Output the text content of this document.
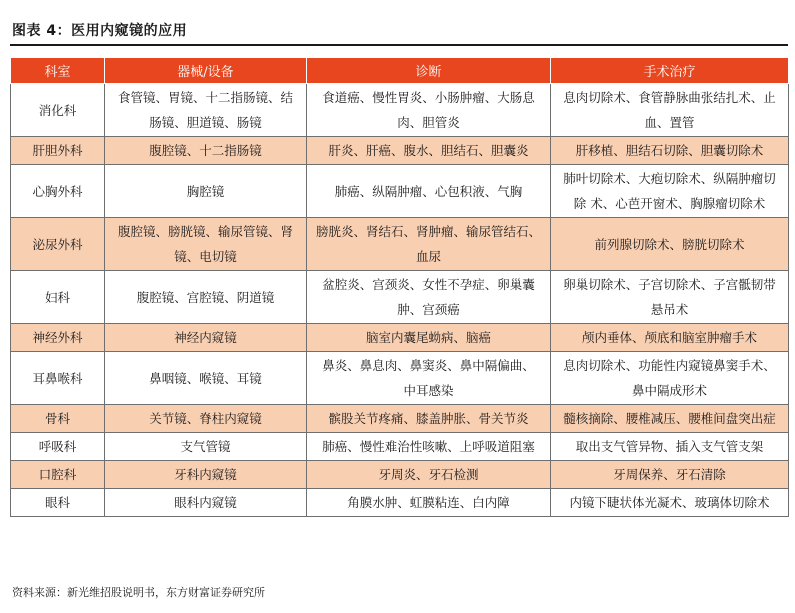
图表 4：医用内窥镜的应用
科室	器械/设备	诊断	手术治疗
消化科	食管镜、胃镜、十二指肠镜、结肠镜、胆道镜、肠镜	食道癌、慢性胃炎、小肠肿瘤、大肠息肉、胆管炎	息肉切除术、食管静脉曲张结扎术、止血、置管
肝胆外科	腹腔镜、十二指肠镜	肝炎、肝癌、腹水、胆结石、胆囊炎	肝移植、胆结石切除、胆囊切除术
心胸外科	胸腔镜	肺癌、纵隔肿瘤、心包积液、气胸	肺叶切除术、大疱切除术、纵隔肿瘤切除 术、心芭开窗术、胸腺瘤切除术
泌尿外科	腹腔镜、膀胱镜、输尿管镜、肾镜、电切镜	膀胱炎、肾结石、肾肿瘤、输尿管结石、血尿	前列腺切除术、膀胱切除术
妇科	腹腔镜、宫腔镜、阴道镜	盆腔炎、宫颈炎、女性不孕症、卵巢囊 肿、宫颈癌	卵巢切除术、子宫切除术、子宫骶韧带悬吊术
神经外科	神经内窥镜	脑室内囊尾蚴病、脑癌	颅内垂体、颅底和脑室肿瘤手术
耳鼻喉科	鼻咽镜、喉镜、耳镜	鼻炎、鼻息肉、鼻窦炎、鼻中隔偏曲、 中耳感染	息肉切除术、功能性内窥镜鼻窦手术、鼻中隔成形术
骨科	关节镜、脊柱内窥镜	髌股关节疼痛、膝盖肿胀、骨关节炎	髓核摘除、腰椎减压、腰椎间盘突出症
呼吸科	支气管镜	肺癌、慢性难治性咳嗽、上呼吸道阻塞	取出支气管异物、插入支气管支架
口腔科	牙科内窥镜	牙周炎、牙石检测	牙周保养、牙石清除
眼科	眼科内窥镜	角膜水肿、虹膜粘连、白内障	内镜下睫状体光凝术、玻璃体切除术
资料来源：新光维招股说明书，东方财富证券研究所
